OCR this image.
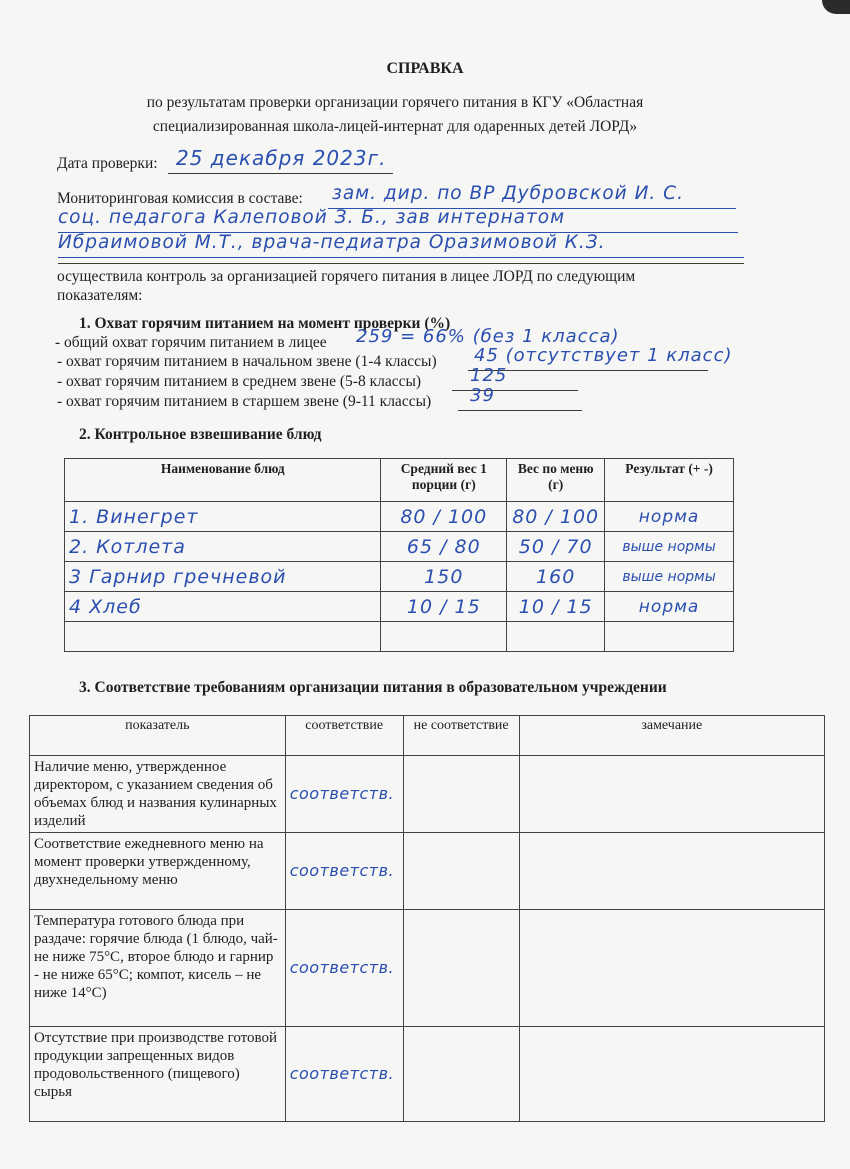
СПРАВКА
по результатам проверки организации горячего питания в КГУ «Областная
специализированная школа-лицей-интернат для одаренных детей ЛОРД»
Дата проверки: 25 декабря 2023г.
Мониторинговая комиссия в составе: зам. дир. по ВР Дубровской И. С.
соц. педагога Калеповой З. Б., зав интернатом
Ибраимовой М.Т., врача-педиатра Оразимовой К.З.
осуществила контроль за организацией горячего питания в лицее ЛОРД по следующим
показателям:
1. Охват горячим питанием на момент проверки (%)
- общий охват горячим питанием в лицее 259 = 66% (без 1 класса)
- охват горячим питанием в начальном звене (1-4 классы) 45 (отсутствует 1 класс)
- охват горячим питанием в среднем звене (5-8 классы)	125
- охват горячим питанием в старшем звене (9-11 классы) 39
2. Контрольное взвешивание блюд
Наименование блюд	Средний вес 1 порции (г)	Вес по меню (г)	Результат (+ -)
1. Винегрет	80 / 100	80 / 100	норма
2. Котлета	65 / 80	50 / 70	выше нормы
3 Гарнир гречневой	150	160	выше нормы
4 Хлеб	10 / 15	10 / 15	норма

3. Соответствие требованиям организации питания в образовательном учреждении
показатель	соответствие	не соответствие	замечание
Наличие меню, утвержденное директором, с указанием сведения об объемах блюд и названия кулинарных изделий	соответств.		
Соответствие ежедневного меню на момент проверки утвержденному, двухнедельному меню	соответств.		
Температура готового блюда при раздаче: горячие блюда (1 блюдо, чай- не ниже 75°С, второе блюдо и гарнир - не ниже 65°С; компот, кисель – не ниже 14°С)	соответств.		
Отсутствие при производстве готовой продукции запрещенных видов продовольственного (пищевого) сырья	соответств.		
